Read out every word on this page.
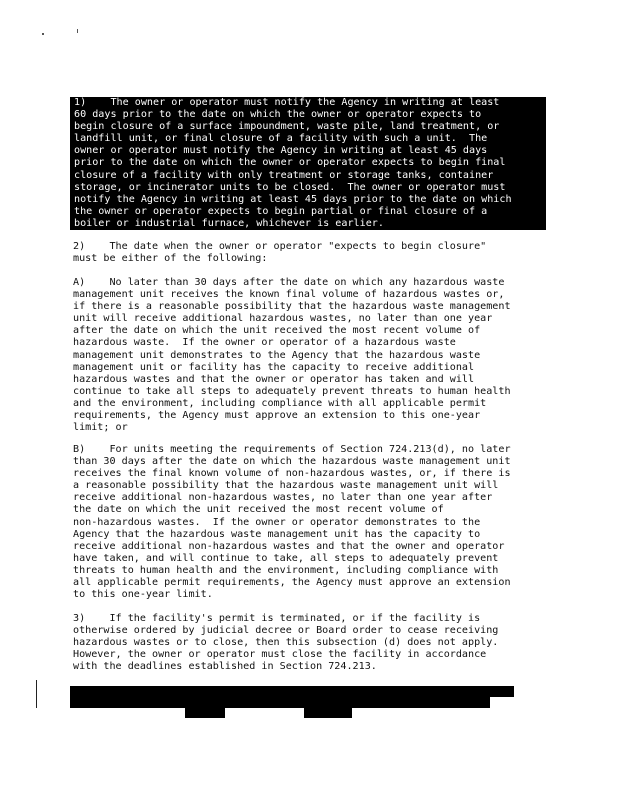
1)    The owner or operator must notify the Agency in writing at least
60 days prior to the date on which the owner or operator expects to
begin closure of a surface impoundment, waste pile, land treatment, or
landfill unit, or final closure of a facility with such a unit.  The
owner or operator must notify the Agency in writing at least 45 days
prior to the date on which the owner or operator expects to begin final
closure of a facility with only treatment or storage tanks, container
storage, or incinerator units to be closed.  The owner or operator must
notify the Agency in writing at least 45 days prior to the date on which
the owner or operator expects to begin partial or final closure of a
boiler or industrial furnace, whichever is earlier.
2)    The date when the owner or operator "expects to begin closure"
must be either of the following:
A)    No later than 30 days after the date on which any hazardous waste
management unit receives the known final volume of hazardous wastes or,
if there is a reasonable possibility that the hazardous waste management
unit will receive additional hazardous wastes, no later than one year
after the date on which the unit received the most recent volume of
hazardous waste.  If the owner or operator of a hazardous waste
management unit demonstrates to the Agency that the hazardous waste
management unit or facility has the capacity to receive additional
hazardous wastes and that the owner or operator has taken and will
continue to take all steps to adequately prevent threats to human health
and the environment, including compliance with all applicable permit
requirements, the Agency must approve an extension to this one-year
limit; or
B)    For units meeting the requirements of Section 724.213(d), no later
than 30 days after the date on which the hazardous waste management unit
receives the final known volume of non-hazardous wastes, or, if there is
a reasonable possibility that the hazardous waste management unit will
receive additional non-hazardous wastes, no later than one year after
the date on which the unit received the most recent volume of
non-hazardous wastes.  If the owner or operator demonstrates to the
Agency that the hazardous waste management unit has the capacity to
receive additional non-hazardous wastes and that the owner and operator
have taken, and will continue to take, all steps to adequately prevent
threats to human health and the environment, including compliance with
all applicable permit requirements, the Agency must approve an extension
to this one-year limit.
3)    If the facility's permit is terminated, or if the facility is
otherwise ordered by judicial decree or Board order to cease receiving
hazardous wastes or to close, then this subsection (d) does not apply.
However, the owner or operator must close the facility in accordance
with the deadlines established in Section 724.213.

Dismantling	Equipment	Nothing in this
